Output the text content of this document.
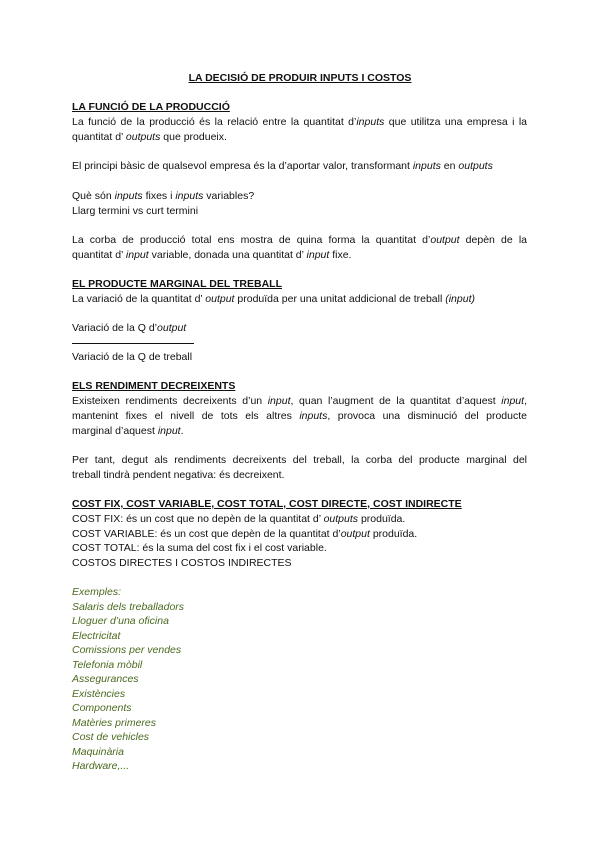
LA DECISIÓ DE PRODUIR INPUTS I COSTOS
LA FUNCIÓ DE LA PRODUCCIÓ
La funció de la producció és la relació entre la quantitat d’inputs que utilitza una empresa i la
quantitat d’ outputs que produeix.
El principi bàsic de qualsevol empresa és la d’aportar valor, transformant inputs en outputs
Què són inputs fixes i inputs variables?
Llarg termini vs curt termini
La corba de producció total ens mostra de quina forma la quantitat d’output depèn de la
quantitat d’ input variable, donada una quantitat d’ input fixe.
EL PRODUCTE MARGINAL DEL TREBALL
La variació de la quantitat d’ output produïda per una unitat addicional de treball (input)
Variació de la Q d’output
Variació de la Q de treball
ELS RENDIMENT DECREIXENTS
Existeixen rendiments decreixents d’un input, quan l’augment de la quantitat d’aquest input,
mantenint fixes el nivell de tots els altres inputs, provoca una disminució del producte
marginal d’aquest input.
Per tant, degut als rendiments decreixents del treball, la corba del producte marginal del
treball tindrà pendent negativa: és decreixent.
COST FIX, COST VARIABLE, COST TOTAL, COST DIRECTE, COST INDIRECTE
COST FIX: és un cost que no depèn de la quantitat d’ outputs produïda.
COST VARIABLE: és un cost que depèn de la quantitat d’output produïda.
COST TOTAL: és la suma del cost fix i el cost variable.
COSTOS DIRECTES I COSTOS INDIRECTES
Exemples:
Salaris dels treballadors
Lloguer d’una oficina
Electricitat
Comissions per vendes
Telefonia mòbil
Assegurances
Existències
Components
Matèries primeres
Cost de vehicles
Maquinària
Hardware,...
